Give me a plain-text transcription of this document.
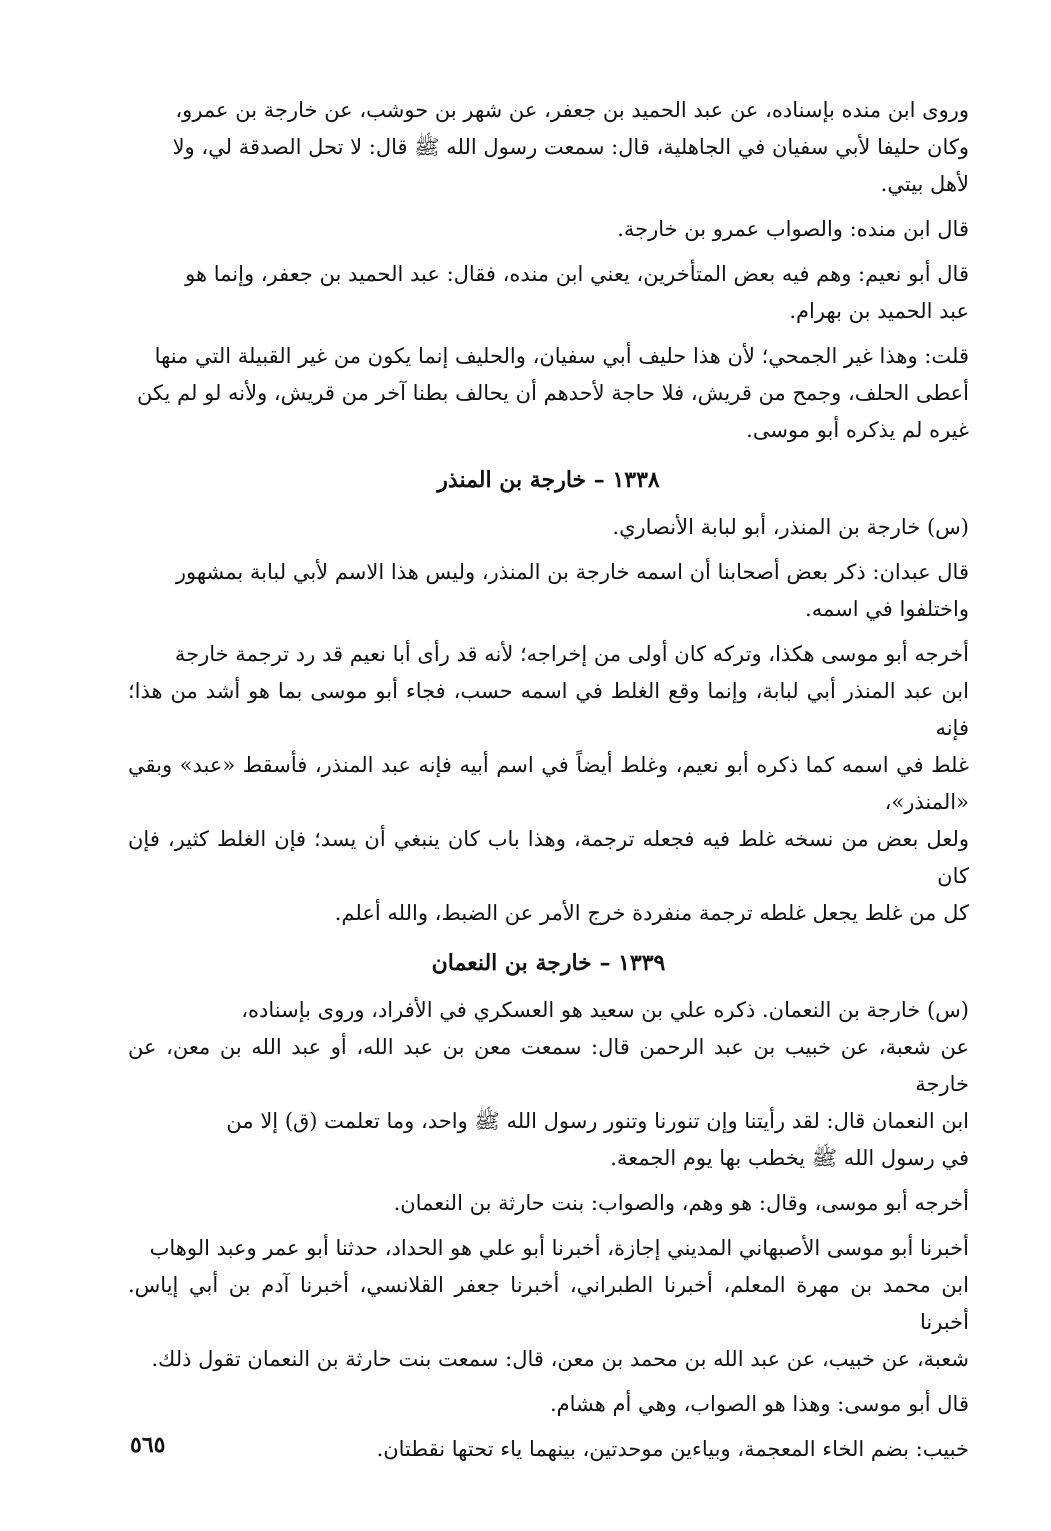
وروى ابن منده بإسناده، عن عبد الحميد بن جعفر، عن شهر بن حوشب، عن خارجة بن عمرو،
وكان حليفا لأبي سفيان في الجاهلية، قال: سمعت رسول الله ﷺ قال: لا تحل الصدقة لي، ولا
لأهل بيتي.
قال ابن منده: والصواب عمرو بن خارجة.
قال أبو نعيم: وهم فيه بعض المتأخرين، يعني ابن منده، فقال: عبد الحميد بن جعفر، وإنما هو
عبد الحميد بن بهرام.
قلت: وهذا غير الجمحي؛ لأن هذا حليف أبي سفيان، والحليف إنما يكون من غير القبيلة التي منها
أعطى الحلف، وجمح من قريش، فلا حاجة لأحدهم أن يحالف بطنا آخر من قريش، ولأنه لو لم يكن
غيره لم يذكره أبو موسى.
١٣٣٨ – خارجة بن المنذر
(س) خارجة بن المنذر، أبو لبابة الأنصاري.
قال عبدان: ذكر بعض أصحابنا أن اسمه خارجة بن المنذر، وليس هذا الاسم لأبي لبابة بمشهور
واختلفوا في اسمه.
أخرجه أبو موسى هكذا، وتركه كان أولى من إخراجه؛ لأنه قد رأى أبا نعيم قد رد ترجمة خارجة
ابن عبد المنذر أبي لبابة، وإنما وقع الغلط في اسمه حسب، فجاء أبو موسى بما هو أشد من هذا؛ فإنه
غلط في اسمه كما ذكره أبو نعيم، وغلط أيضاً في اسم أبيه فإنه عبد المنذر، فأسقط «عبد» وبقي «المنذر»،
ولعل بعض من نسخه غلط فيه فجعله ترجمة، وهذا باب كان ينبغي أن يسد؛ فإن الغلط كثير، فإن كان
كل من غلط يجعل غلطه ترجمة منفردة خرج الأمر عن الضبط، والله أعلم.
١٣٣٩ – خارجة بن النعمان
(س) خارجة بن النعمان. ذكره علي بن سعيد هو العسكري في الأفراد، وروى بإسناده،
عن شعبة، عن خبيب بن عبد الرحمن قال: سمعت معن بن عبد الله، أو عبد الله بن معن، عن خارجة
ابن النعمان قال: لقد رأيتنا وإن تنورنا وتنور رسول الله ﷺ واحد، وما تعلمت (ق) إلا من
في رسول الله ﷺ يخطب بها يوم الجمعة.
أخرجه أبو موسى، وقال: هو وهم، والصواب: بنت حارثة بن النعمان.
أخبرنا أبو موسى الأصبهاني المديني إجازة، أخبرنا أبو علي هو الحداد، حدثنا أبو عمر وعبد الوهاب
ابن محمد بن مهرة المعلم، أخبرنا الطبراني، أخبرنا جعفر القلانسي، أخبرنا آدم بن أبي إياس. أخبرنا
شعبة، عن خبيب، عن عبد الله بن محمد بن معن، قال: سمعت بنت حارثة بن النعمان تقول ذلك.
قال أبو موسى: وهذا هو الصواب، وهي أم هشام.
خبيب: بضم الخاء المعجمة، وبياءين موحدتين، بينهما ياء تحتها نقطتان.
٥٦٥
